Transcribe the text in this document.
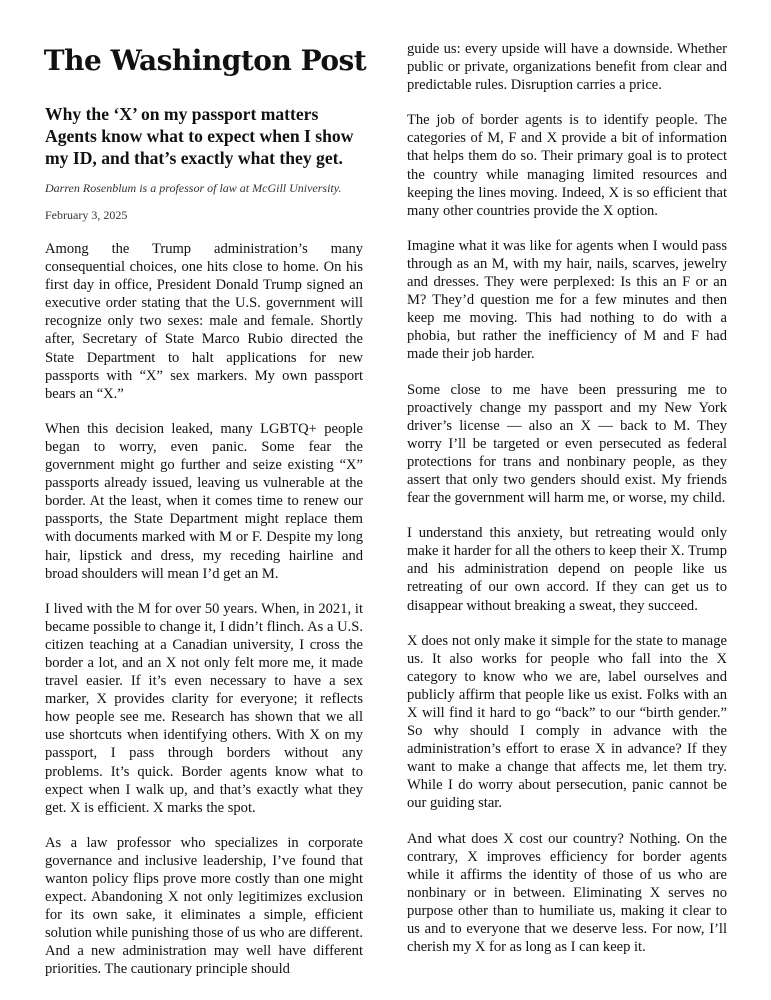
The Washington Post
Why the ‘X’ on my passport matters
Agents know what to expect when I show my ID, and that’s exactly what they get.

Darren Rosenblum is a professor of law at McGill University.

February 3, 2025

Among the Trump administration’s many consequential choices, one hits close to home. On his first day in office, President Donald Trump signed an executive order stating that the U.S. government will recognize only two sexes: male and female. Shortly after, Secretary of State Marco Rubio directed the State Department to halt applications for new passports with “X” sex markers. My own passport bears an “X.”

When this decision leaked, many LGBTQ+ people began to worry, even panic. Some fear the government might go further and seize existing “X” passports already issued, leaving us vulnerable at the border. At the least, when it comes time to renew our passports, the State Department might replace them with documents marked with M or F. Despite my long hair, lipstick and dress, my receding hairline and broad shoulders will mean I’d get an M.

I lived with the M for over 50 years. When, in 2021, it became possible to change it, I didn’t flinch. As a U.S. citizen teaching at a Canadian university, I cross the border a lot, and an X not only felt more me, it made travel easier. If it’s even necessary to have a sex marker, X provides clarity for everyone; it reflects how people see me. Research has shown that we all use shortcuts when identifying others. With X on my passport, I pass through borders without any problems. It’s quick. Border agents know what to expect when I walk up, and that’s exactly what they get. X is efficient. X marks the spot.

As a law professor who specializes in corporate governance and inclusive leadership, I’ve found that wanton policy flips prove more costly than one might expect. Abandoning X not only legitimizes exclusion for its own sake, it eliminates a simple, efficient solution while punishing those of us who are different. And a new administration may well have different priorities. The cautionary principle should

guide us: every upside will have a downside. Whether public or private, organizations benefit from clear and predictable rules. Disruption carries a price.

The job of border agents is to identify people. The categories of M, F and X provide a bit of information that helps them do so. Their primary goal is to protect the country while managing limited resources and keeping the lines moving. Indeed, X is so efficient that many other countries provide the X option.

Imagine what it was like for agents when I would pass through as an M, with my hair, nails, scarves, jewelry and dresses. They were perplexed: Is this an F or an M? They’d question me for a few minutes and then keep me moving. This had nothing to do with a phobia, but rather the inefficiency of M and F had made their job harder.

Some close to me have been pressuring me to proactively change my passport and my New York driver’s license — also an X — back to M. They worry I’ll be targeted or even persecuted as federal protections for trans and nonbinary people, as they assert that only two genders should exist. My friends fear the government will harm me, or worse, my child.

I understand this anxiety, but retreating would only make it harder for all the others to keep their X. Trump and his administration depend on people like us retreating of our own accord. If they can get us to disappear without breaking a sweat, they succeed.

X does not only make it simple for the state to manage us. It also works for people who fall into the X category to know who we are, label ourselves and publicly affirm that people like us exist. Folks with an X will find it hard to go “back” to our “birth gender.” So why should I comply in advance with the administration’s effort to erase X in advance? If they want to make a change that affects me, let them try. While I do worry about persecution, panic cannot be our guiding star.

And what does X cost our country? Nothing. On the contrary, X improves efficiency for border agents while it affirms the identity of those of us who are nonbinary or in between. Eliminating X serves no purpose other than to humiliate us, making it clear to us and to everyone that we deserve less. For now, I’ll cherish my X for as long as I can keep it.
